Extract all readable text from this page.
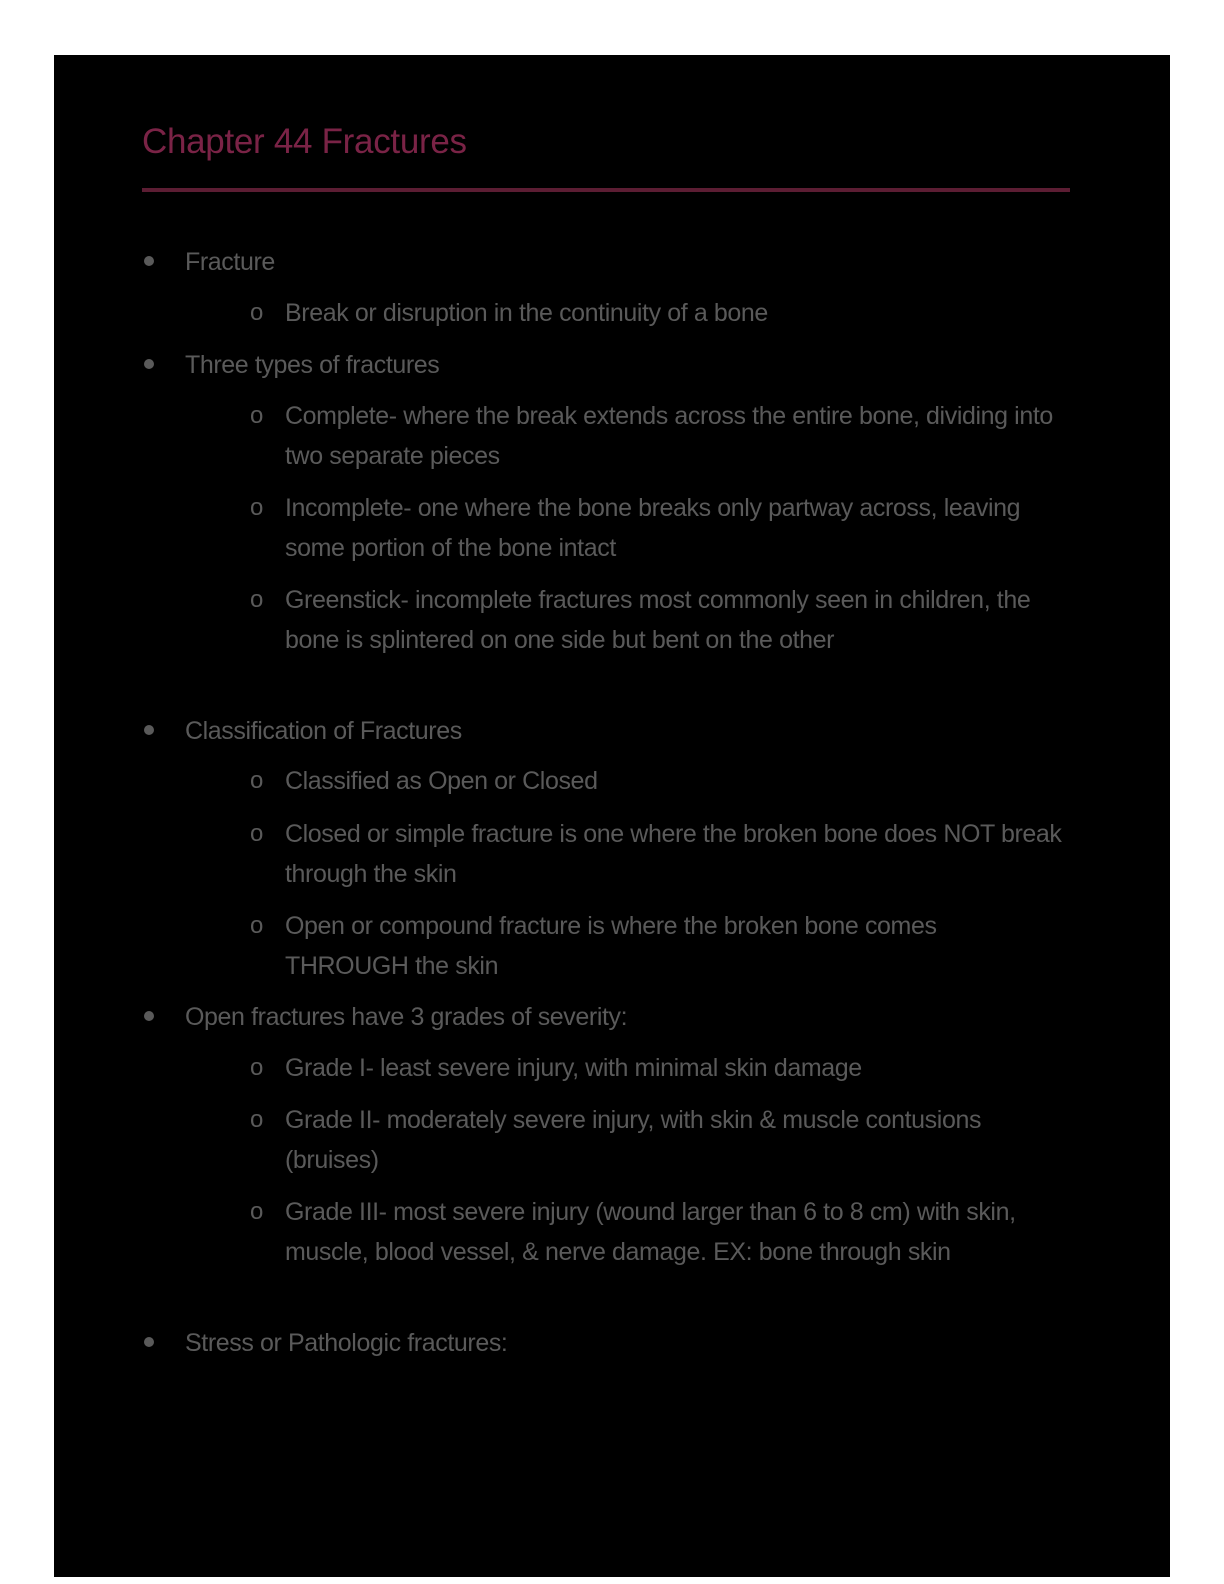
Chapter 44 Fractures
Fracture
o Break or disruption in the continuity of a bone
Three types of fractures
o Complete- where the break extends across the entire bone, dividing into two separate pieces
o Incomplete- one where the bone breaks only partway across, leaving some portion of the bone intact
o Greenstick- incomplete fractures most commonly seen in children, the bone is splintered on one side but bent on the other
Classification of Fractures
o Classified as Open or Closed
o Closed or simple fracture is one where the broken bone does NOT break through the skin
o Open or compound fracture is where the broken bone comes THROUGH the skin
Open fractures have 3 grades of severity:
o Grade I- least severe injury, with minimal skin damage
o Grade II- moderately severe injury, with skin & muscle contusions (bruises)
o Grade III- most severe injury (wound larger than 6 to 8 cm) with skin, muscle, blood vessel, & nerve damage. EX: bone through skin
Stress or Pathologic fractures:
